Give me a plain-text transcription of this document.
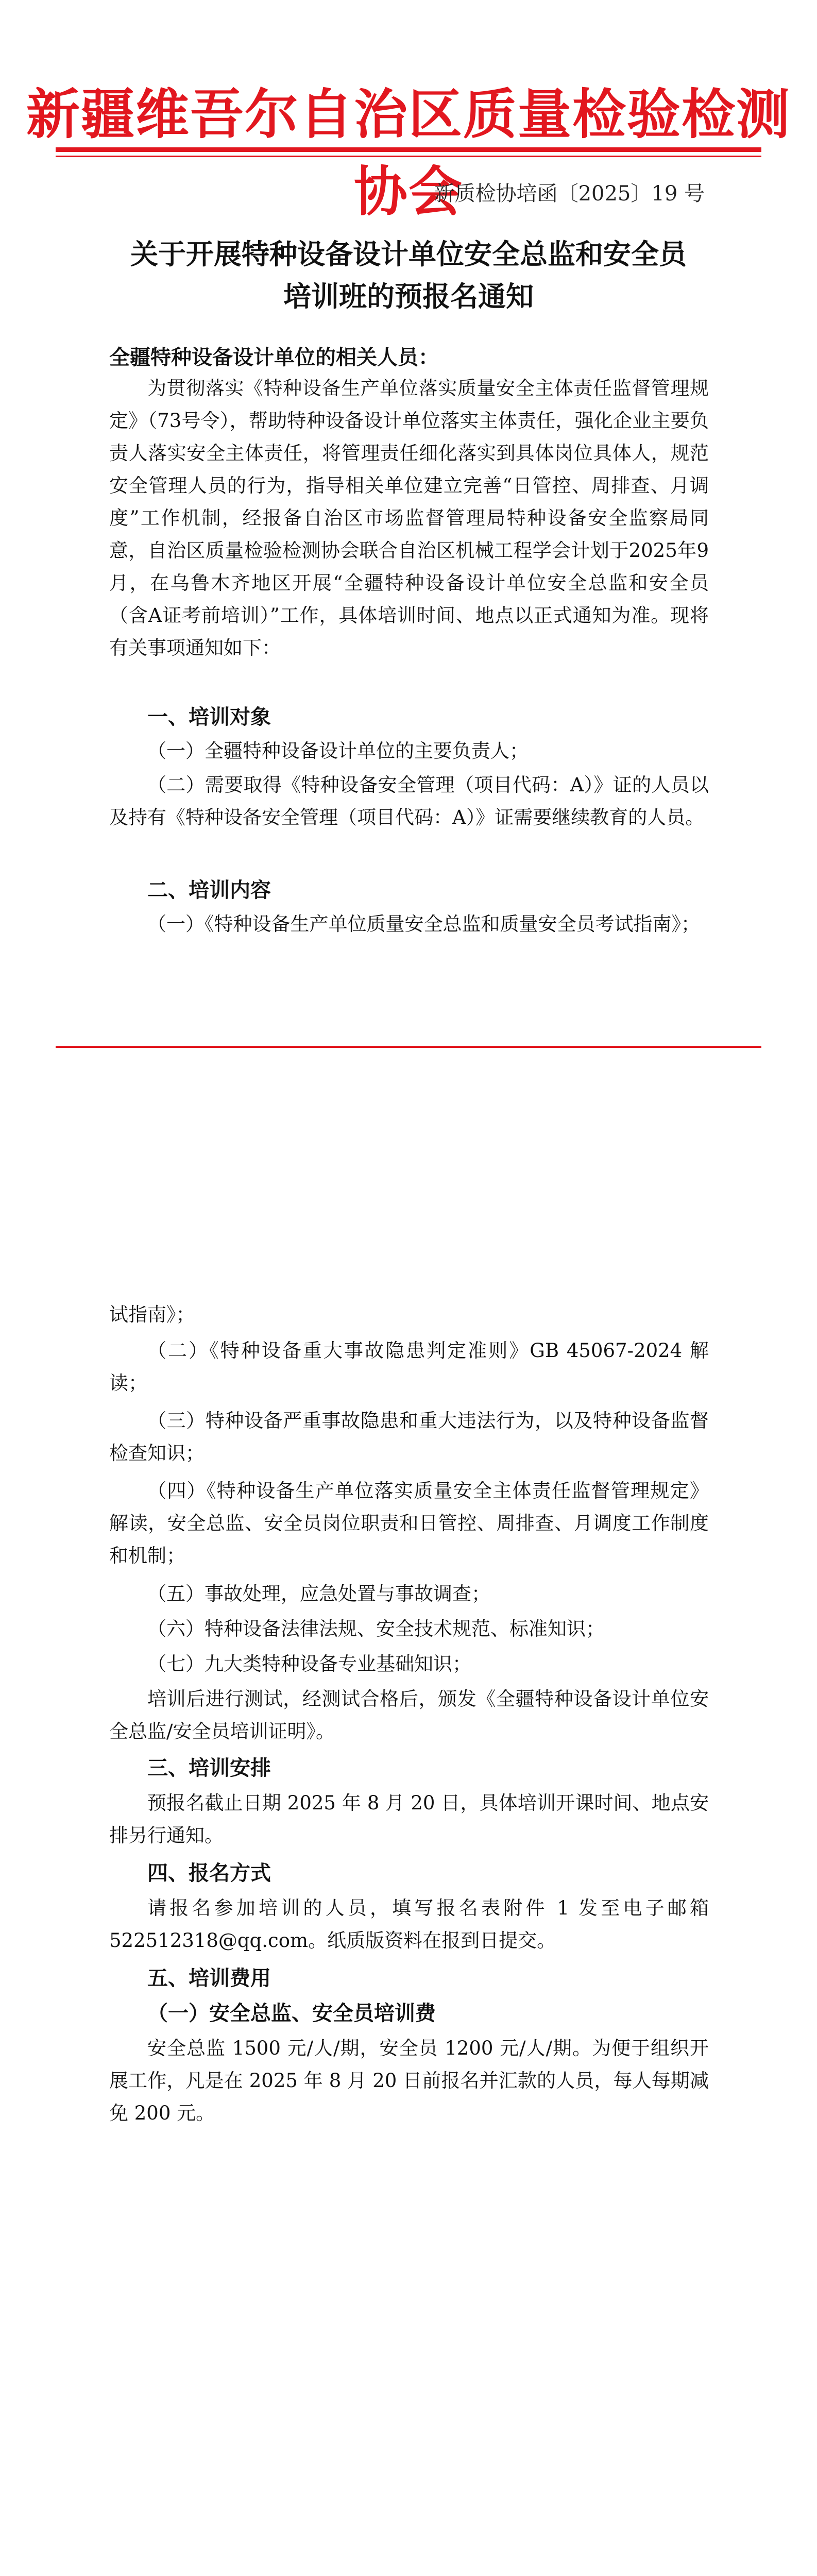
新疆维吾尔自治区质量检验检测协会
新质检协培函〔2025〕19 号
关于开展特种设备设计单位安全总监和安全员
培训班的预报名通知
全疆特种设备设计单位的相关人员：
为贯彻落实《特种设备生产单位落实质量安全主体责任监督管理规定》（73号令），帮助特种设备设计单位落实主体责任，强化企业主要负责人落实安全主体责任，将管理责任细化落实到具体岗位具体人，规范安全管理人员的行为，指导相关单位建立完善“日管控、周排查、月调度”工作机制，经报备自治区市场监督管理局特种设备安全监察局同意，自治区质量检验检测协会联合自治区机械工程学会计划于2025年9月，在乌鲁木齐地区开展“全疆特种设备设计单位安全总监和安全员（含A证考前培训）”工作，具体培训时间、地点以正式通知为准。现将有关事项通知如下：
一、培训对象
（一）全疆特种设备设计单位的主要负责人；
（二）需要取得《特种设备安全管理（项目代码：A）》证的人员以及持有《特种设备安全管理（项目代码：A）》证需要继续教育的人员。
二、培训内容
（一）《特种设备生产单位质量安全总监和质量安全员考试指南》；
试指南》；
（二）《特种设备重大事故隐患判定准则》GB 45067-2024 解读；
（三）特种设备严重事故隐患和重大违法行为，以及特种设备监督检查知识；
（四）《特种设备生产单位落实质量安全主体责任监督管理规定》解读，安全总监、安全员岗位职责和日管控、周排查、月调度工作制度和机制；
（五）事故处理，应急处置与事故调查；
（六）特种设备法律法规、安全技术规范、标准知识；
（七）九大类特种设备专业基础知识；
培训后进行测试，经测试合格后，颁发《全疆特种设备设计单位安全总监/安全员培训证明》。
三、培训安排
预报名截止日期 2025 年 8 月 20 日，具体培训开课时间、地点安排另行通知。
四、报名方式
请报名参加培训的人员，填写报名表附件 1 发至电子邮箱 522512318@qq.com。纸质版资料在报到日提交。
五、培训费用
（一）安全总监、安全员培训费
安全总监 1500 元/人/期，安全员 1200 元/人/期。为便于组织开展工作，凡是在 2025 年 8 月 20 日前报名并汇款的人员，每人每期减免 200 元。
